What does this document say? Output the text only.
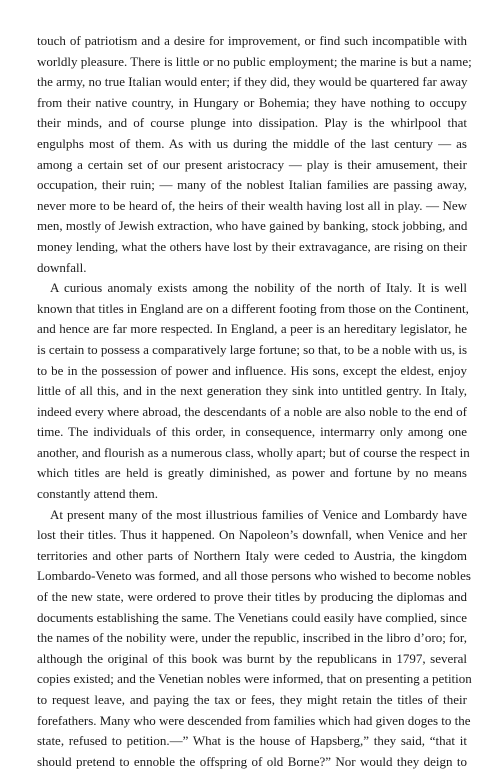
touch of patriotism and a desire for improvement, or find such incompatible with
worldly pleasure. There is little or no public employment; the marine is but a name;
the army, no true Italian would enter; if they did, they would be quartered far away
from their native country, in Hungary or Bohemia; they have nothing to occupy
their minds, and of course plunge into dissipation. Play is the whirlpool that
engulphs most of them. As with us during the middle of the last century — as
among a certain set of our present aristocracy — play is their amusement, their
occupation, their ruin; — many of the noblest Italian families are passing away,
never more to be heard of, the heirs of their wealth having lost all in play. — New
men, mostly of Jewish extraction, who have gained by banking, stock jobbing, and
money lending, what the others have lost by their extravagance, are rising on their
downfall.
A curious anomaly exists among the nobility of the north of Italy. It is well
known that titles in England are on a different footing from those on the Continent,
and hence are far more respected. In England, a peer is an hereditary legislator, he
is certain to possess a comparatively large fortune; so that, to be a noble with us, is
to be in the possession of power and influence. His sons, except the eldest, enjoy
little of all this, and in the next generation they sink into untitled gentry. In Italy,
indeed every where abroad, the descendants of a noble are also noble to the end of
time. The individuals of this order, in consequence, intermarry only among one
another, and flourish as a numerous class, wholly apart; but of course the respect in
which titles are held is greatly diminished, as power and fortune by no means
constantly attend them.
At present many of the most illustrious families of Venice and Lombardy have
lost their titles. Thus it happened. On Napoleon’s downfall, when Venice and her
territories and other parts of Northern Italy were ceded to Austria, the kingdom
Lombardo-Veneto was formed, and all those persons who wished to become nobles
of the new state, were ordered to prove their titles by producing the diplomas and
documents establishing the same. The Venetians could easily have complied, since
the names of the nobility were, under the republic, inscribed in the libro d’oro; for,
although the original of this book was burnt by the republicans in 1797, several
copies existed; and the Venetian nobles were informed, that on presenting a petition
to request leave, and paying the tax or fees, they might retain the titles of their
forefathers. Many who were descended from families which had given doges to the
state, refused to petition.—” What is the house of Hapsberg,” they said, “that it
should pretend to ennoble the offspring of old Borne?” Nor would they deign to
